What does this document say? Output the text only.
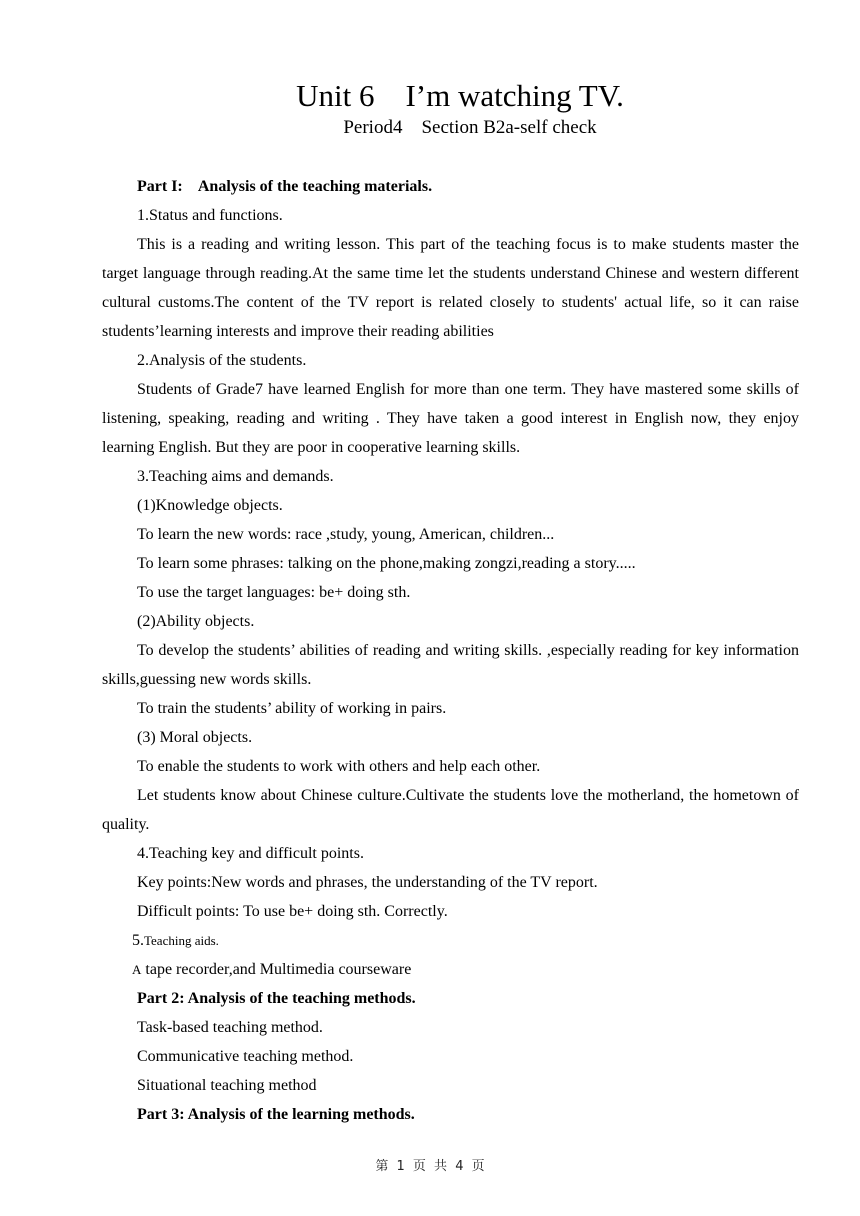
Unit 6    I’m watching TV.
Period4    Section B2a-self check

Part I:    Analysis of the teaching materials.

1.Status and functions.

This is a reading and writing lesson. This part of the teaching focus is to make students master the target language through reading.At the same time let the students understand Chinese and western different cultural customs.The content of the TV report is related closely to students' actual life, so it can raise students’learning interests and improve their reading abilities

2.Analysis of the students.

Students of Grade7 have learned English for more than one term. They have mastered some skills of listening, speaking, reading and writing . They have taken a good interest in English now, they enjoy learning English. But they are poor in cooperative learning skills.

3.Teaching aims and demands.

(1)Knowledge objects.

To learn the new words: race ,study, young, American, children...

To learn some phrases: talking on the phone,making zongzi,reading a story.....

To use the target languages: be+ doing sth.

(2)Ability objects.

To develop the students’ abilities of reading and writing skills. ,especially reading for key information skills,guessing new words skills.

To train the students’ ability of working in pairs.

(3) Moral objects.

To enable the students to work with others and help each other.

Let students know about Chinese culture.Cultivate the students love the motherland, the hometown of quality.

4.Teaching key and difficult points.

Key points:New words and phrases, the understanding of the TV report.

Difficult points: To use be+ doing sth. Correctly.

5.Teaching aids.

A tape recorder,and Multimedia courseware

Part 2: Analysis of the teaching methods.

Task-based teaching method.

Communicative teaching method.

Situational teaching method

Part 3: Analysis of the learning methods.

第 1 页 共 4 页
